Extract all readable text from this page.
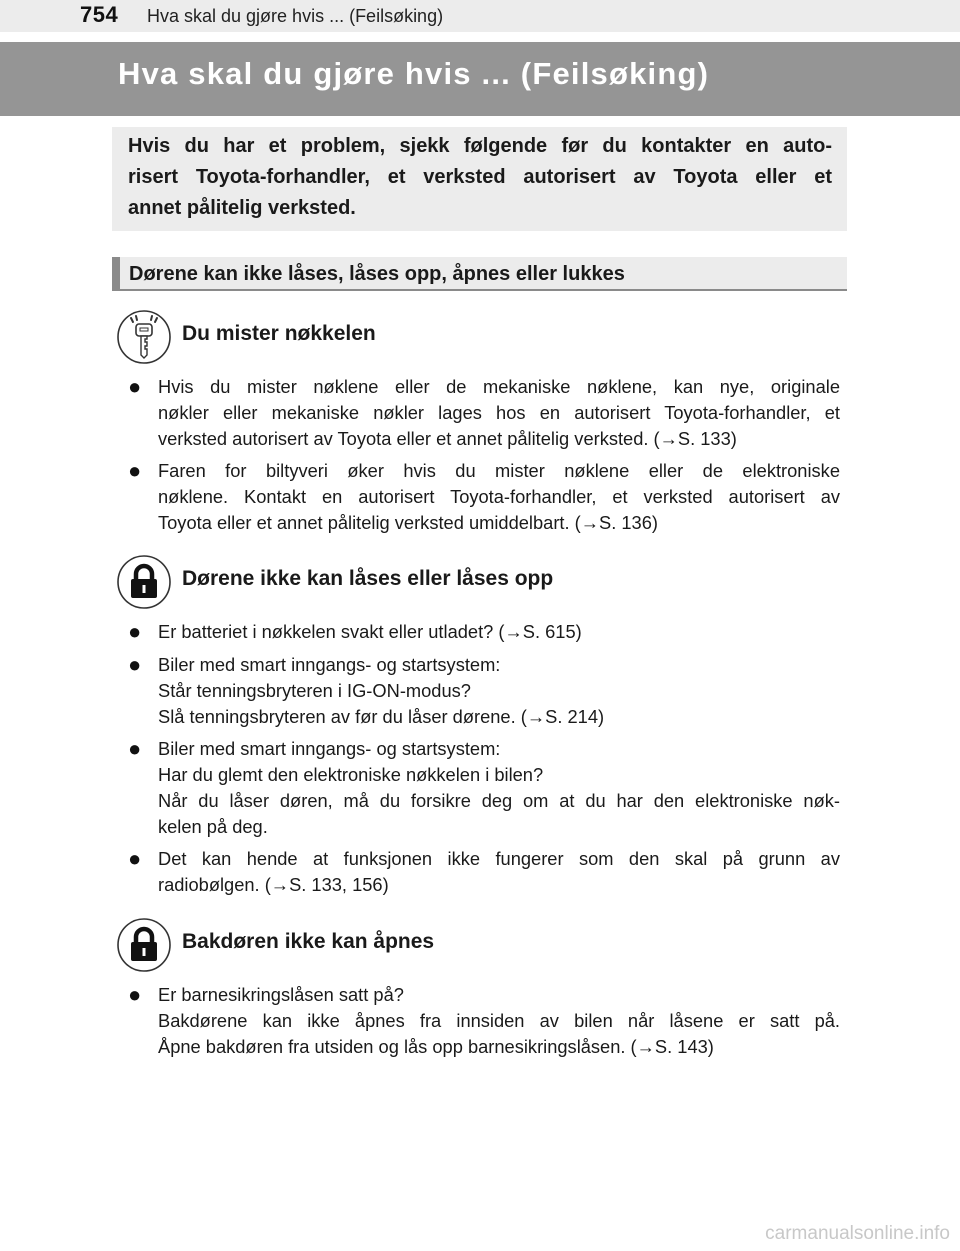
754 Hva skal du gjøre hvis ... (Feilsøking)
Hva skal du gjøre hvis ... (Feilsøking)
Hvis du har et problem, sjekk følgende før du kontakter en auto-
risert Toyota-forhandler, et verksted autorisert av Toyota eller et
annet pålitelig verksted.
Dørene kan ikke låses, låses opp, åpnes eller lukkes
Du mister nøkkelen
● Hvis du mister nøklene eller de mekaniske nøklene, kan nye, originale
nøkler eller mekaniske nøkler lages hos en autorisert Toyota-forhandler, et
verksted autorisert av Toyota eller et annet pålitelig verksted. (→S. 133)
● Faren for biltyveri øker hvis du mister nøklene eller de elektroniske
nøklene. Kontakt en autorisert Toyota-forhandler, et verksted autorisert av
Toyota eller et annet pålitelig verksted umiddelbart. (→S. 136)
Dørene ikke kan låses eller låses opp
● Er batteriet i nøkkelen svakt eller utladet? (→S. 615)
● Biler med smart inngangs- og startsystem:
Står tenningsbryteren i IG-ON-modus?
Slå tenningsbryteren av før du låser dørene. (→S. 214)
● Biler med smart inngangs- og startsystem:
Har du glemt den elektroniske nøkkelen i bilen?
Når du låser døren, må du forsikre deg om at du har den elektroniske nøk-
kelen på deg.
● Det kan hende at funksjonen ikke fungerer som den skal på grunn av
radiobølgen. (→S. 133, 156)
Bakdøren ikke kan åpnes
● Er barnesikringslåsen satt på?
Bakdørene kan ikke åpnes fra innsiden av bilen når låsene er satt på.
Åpne bakdøren fra utsiden og lås opp barnesikringslåsen. (→S. 143)
carmanualsonline.info
